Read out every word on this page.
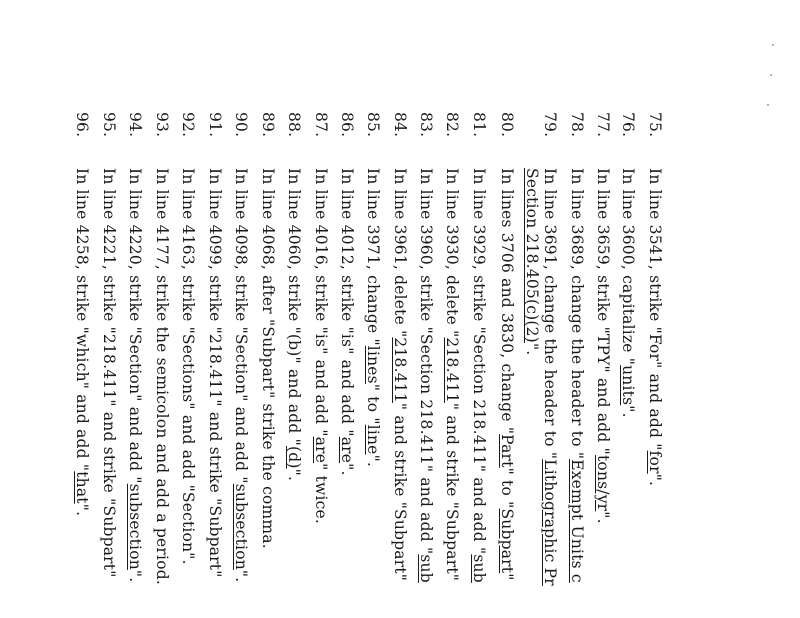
75.In line 3541, strike "For" and add "for".
76.In line 3600, capitalize "units".
77.In line 3659, strike "TPY" and add "tons/yr".
78.In line 3689, change the header to "Exempt Units c
79.In line 3691, change the header to "Lithographic Pr
Section 218.405(c)(2)".
80.In lines 3706 and 3830, change "Part" to "Subpart"
81.In line 3929, strike "Section 218.411" and add "sub
82.In line 3930, delete "218.411" and strike "Subpart"
83.In line 3960, strike "Section 218.411" and add "sub
84.In line 3961, delete "218.411" and strike "Subpart"
85.In line 3971, change "lines" to "line".
86.In line 4012, strike "is" and add "are".
87.In line 4016, strike "is" and add "are" twice.
88.In line 4060, strike "(b)" and add "(d)".
89.In line 4068, after "Subpart" strike the comma.
90.In line 4098, strike "Section" and add "subsection".
91.In line 4099, strike "218.411" and strike "Subpart"
92.In line 4163, strike "Sections" and add "Section".
93.In line 4177, strike the semicolon and add a period.
94.In line 4220, strike "Section" and add "subsection".
95.In line 4221, strike "218.411" and strike "Subpart"
96.In line 4258, strike "which" and add "that".
